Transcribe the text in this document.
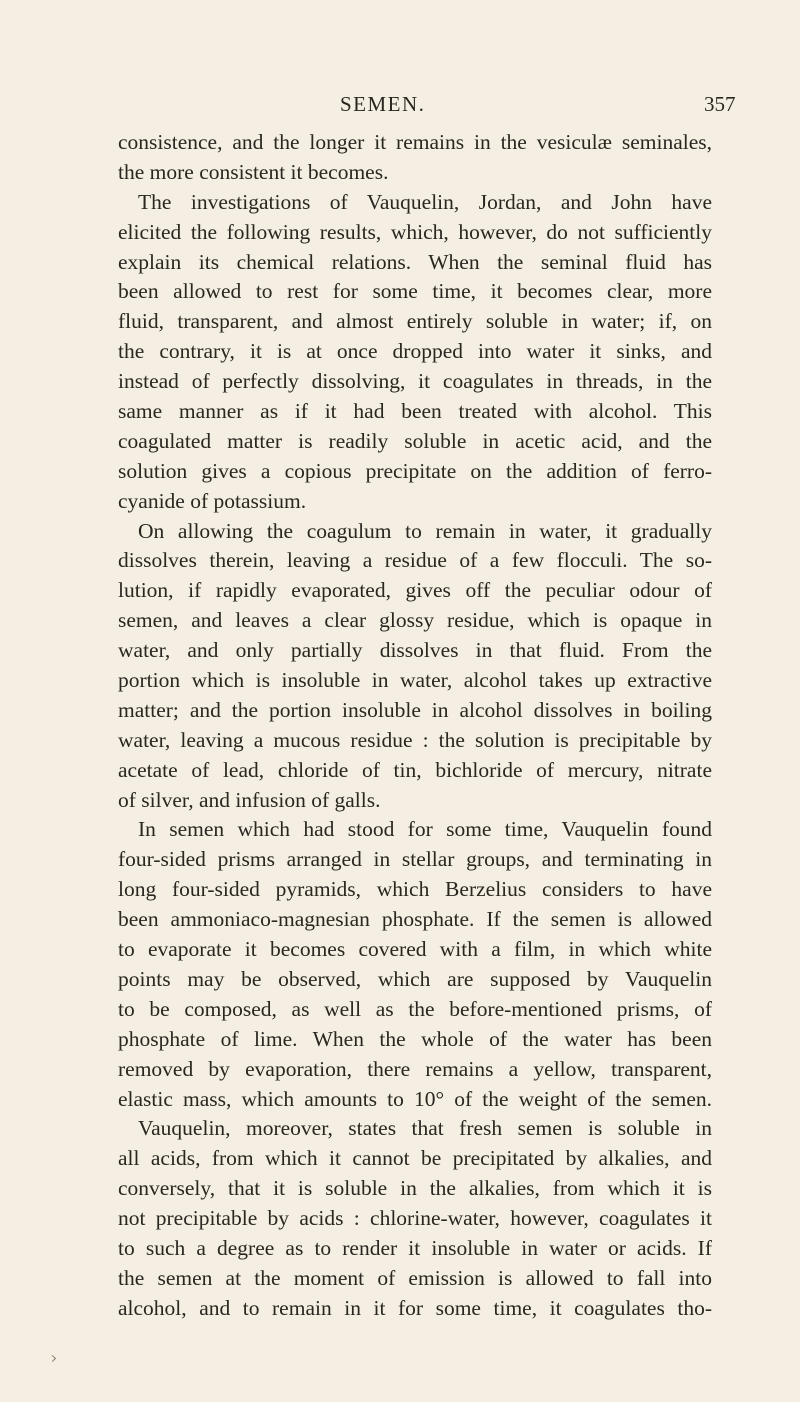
SEMEN.	357
consistence, and the longer it remains in the vesiculæ seminales,
the more consistent it becomes.
The investigations of Vauquelin, Jordan, and John have
elicited the following results, which, however, do not sufficiently
explain its chemical relations. When the seminal fluid has
been allowed to rest for some time, it becomes clear, more
fluid, transparent, and almost entirely soluble in water; if, on
the contrary, it is at once dropped into water it sinks, and
instead of perfectly dissolving, it coagulates in threads, in the
same manner as if it had been treated with alcohol. This
coagulated matter is readily soluble in acetic acid, and the
solution gives a copious precipitate on the addition of ferro-
cyanide of potassium.
On allowing the coagulum to remain in water, it gradually
dissolves therein, leaving a residue of a few flocculi. The so-
lution, if rapidly evaporated, gives off the peculiar odour of
semen, and leaves a clear glossy residue, which is opaque in
water, and only partially dissolves in that fluid. From the
portion which is insoluble in water, alcohol takes up extractive
matter; and the portion insoluble in alcohol dissolves in boiling
water, leaving a mucous residue : the solution is precipitable by
acetate of lead, chloride of tin, bichloride of mercury, nitrate
of silver, and infusion of galls.
In semen which had stood for some time, Vauquelin found
four-sided prisms arranged in stellar groups, and terminating in
long four-sided pyramids, which Berzelius considers to have
been ammoniaco-magnesian phosphate. If the semen is allowed
to evaporate it becomes covered with a film, in which white
points may be observed, which are supposed by Vauquelin
to be composed, as well as the before-mentioned prisms, of
phosphate of lime. When the whole of the water has been
removed by evaporation, there remains a yellow, transparent,
elastic mass, which amounts to 10° of the weight of the semen.
Vauquelin, moreover, states that fresh semen is soluble in
all acids, from which it cannot be precipitated by alkalies, and
conversely, that it is soluble in the alkalies, from which it is
not precipitable by acids : chlorine-water, however, coagulates it
to such a degree as to render it insoluble in water or acids. If
the semen at the moment of emission is allowed to fall into
alcohol, and to remain in it for some time, it coagulates tho-
